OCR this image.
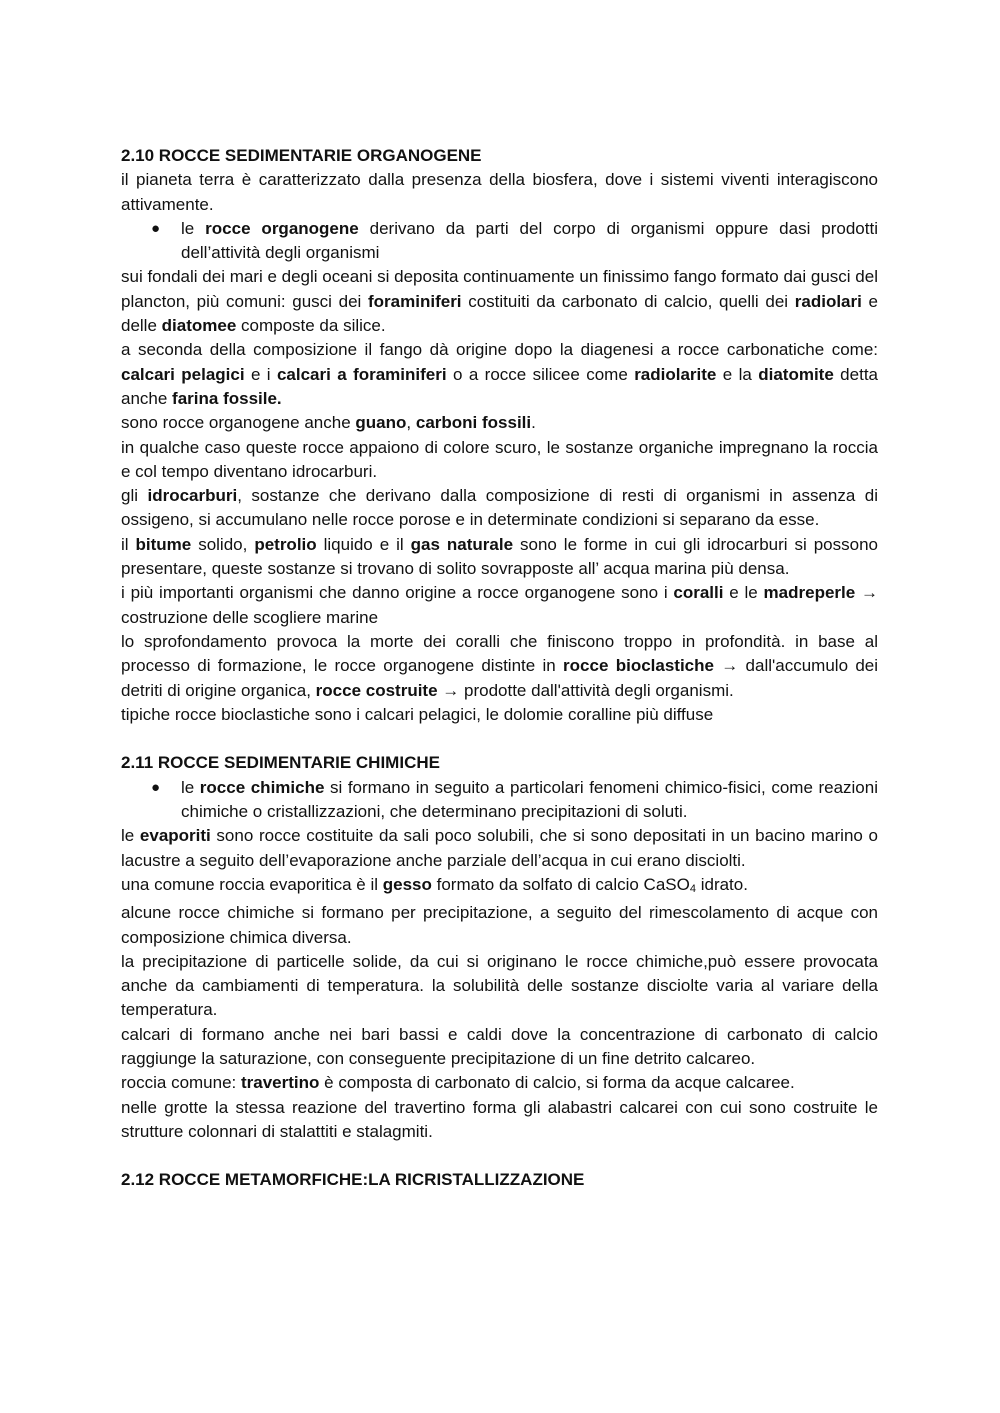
2.10 ROCCE SEDIMENTARIE ORGANOGENE

il pianeta terra è caratterizzato dalla presenza della biosfera, dove i sistemi viventi interagiscono attivamente.

● le rocce organogene derivano da parti del corpo di organismi oppure dasi prodotti dell’attività degli organismi

sui fondali dei mari e degli oceani si deposita continuamente un finissimo fango formato dai gusci del plancton, più comuni: gusci dei foraminiferi costituiti da carbonato di calcio, quelli dei radiolari e delle diatomee composte da silice.

a seconda della composizione il fango dà origine dopo la diagenesi a rocce carbonatiche come: calcari pelagici e i calcari a foraminiferi o a rocce silicee come radiolarite e la diatomite detta anche farina fossile.

sono rocce organogene anche guano, carboni fossili.

in qualche caso queste rocce appaiono di colore scuro, le sostanze organiche impregnano la roccia e col tempo diventano idrocarburi.

gli idrocarburi, sostanze che derivano dalla composizione di resti di organismi in assenza di ossigeno, si accumulano nelle rocce porose e in determinate condizioni si separano da esse.

il bitume solido, petrolio liquido e il gas naturale sono le forme in cui gli idrocarburi si possono presentare, queste sostanze si trovano di solito sovrapposte all’ acqua marina più densa.

i più importanti organismi che danno origine a rocce organogene sono i coralli e le madreperle → costruzione delle scogliere marine

lo sprofondamento provoca la morte dei coralli che finiscono troppo in profondità. in base al processo di formazione, le rocce organogene distinte in rocce bioclastiche → dall'accumulo dei detriti di origine organica, rocce costruite → prodotte dall'attività degli organismi.

tipiche rocce bioclastiche sono i calcari pelagici, le dolomie coralline più diffuse

2.11 ROCCE SEDIMENTARIE CHIMICHE
● le rocce chimiche si formano in seguito a particolari fenomeni chimico-fisici, come reazioni chimiche o cristallizzazioni, che determinano precipitazioni di soluti.

le evaporiti sono rocce costituite da sali poco solubili, che si sono depositati in un bacino marino o lacustre a seguito dell’evaporazione anche parziale dell’acqua in cui erano disciolti.

una comune roccia evaporitica è il gesso formato da solfato di calcio CaSO4 idrato.

alcune rocce chimiche si formano per precipitazione, a seguito del rimescolamento di acque con composizione chimica diversa.

la precipitazione di particelle solide, da cui si originano le rocce chimiche,può essere provocata anche da cambiamenti di temperatura. la solubilità delle sostanze disciolte varia al variare della temperatura.

calcari di formano anche nei bari bassi e caldi dove la concentrazione di carbonato di calcio raggiunge la saturazione, con conseguente precipitazione di un fine detrito calcareo.

roccia comune: travertino è composta di carbonato di calcio, si forma da acque calcaree.

nelle grotte la stessa reazione del travertino forma gli alabastri calcarei con cui sono costruite le strutture colonnari di stalattiti e stalagmiti.

2.12 ROCCE METAMORFICHE:LA RICRISTALLIZZAZIONE
